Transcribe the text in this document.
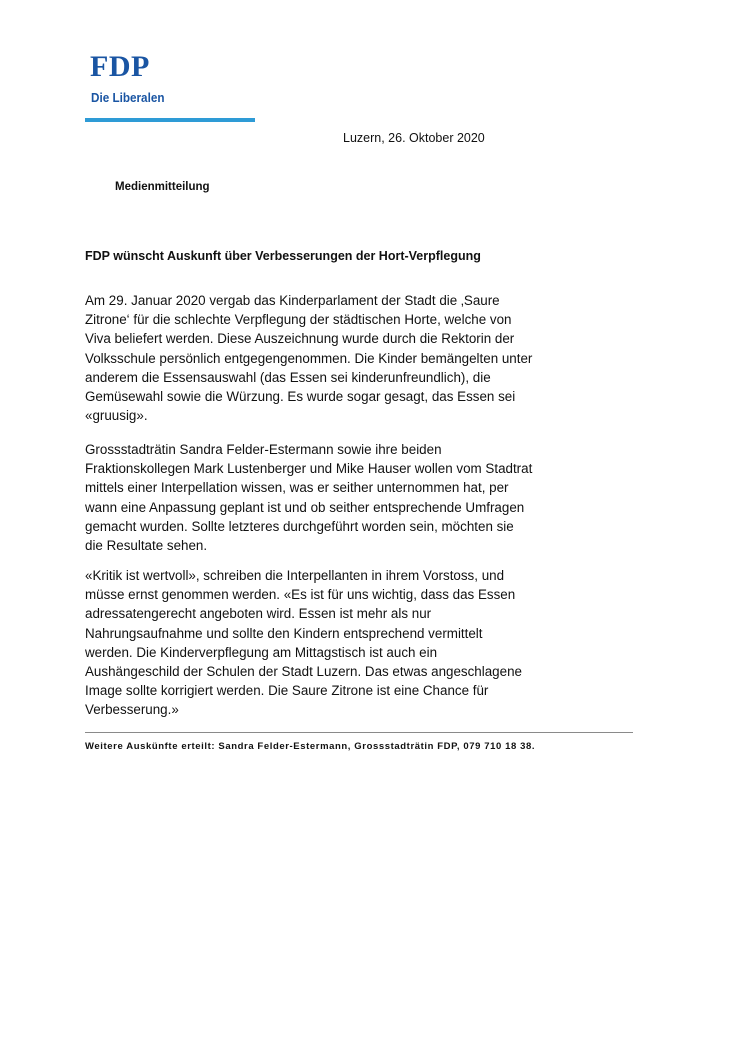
FDP
Die Liberalen
Luzern, 26. Oktober 2020
Medienmitteilung
FDP wünscht Auskunft über Verbesserungen der Hort-Verpflegung
Am 29. Januar 2020 vergab das Kinderparlament der Stadt die ‚Saure
Zitrone‘ für die schlechte Verpflegung der städtischen Horte, welche von
Viva beliefert werden. Diese Auszeichnung wurde durch die Rektorin der
Volksschule persönlich entgegengenommen. Die Kinder bemängelten unter
anderem die Essensauswahl (das Essen sei kinderunfreundlich), die
Gemüsewahl sowie die Würzung. Es wurde sogar gesagt, das Essen sei
«gruusig».
Grossstadträtin Sandra Felder-Estermann sowie ihre beiden
Fraktionskollegen Mark Lustenberger und Mike Hauser wollen vom Stadtrat
mittels einer Interpellation wissen, was er seither unternommen hat, per
wann eine Anpassung geplant ist und ob seither entsprechende Umfragen
gemacht wurden. Sollte letzteres durchgeführt worden sein, möchten sie
die Resultate sehen.
«Kritik ist wertvoll», schreiben die Interpellanten in ihrem Vorstoss, und
müsse ernst genommen werden. «Es ist für uns wichtig, dass das Essen
adressatengerecht angeboten wird. Essen ist mehr als nur
Nahrungsaufnahme und sollte den Kindern entsprechend vermittelt
werden. Die Kinderverpflegung am Mittagstisch ist auch ein
Aushängeschild der Schulen der Stadt Luzern. Das etwas angeschlagene
Image sollte korrigiert werden. Die Saure Zitrone ist eine Chance für
Verbesserung.»
Weitere Auskünfte erteilt: Sandra Felder-Estermann, Grossstadträtin FDP, 079 710 18 38.
